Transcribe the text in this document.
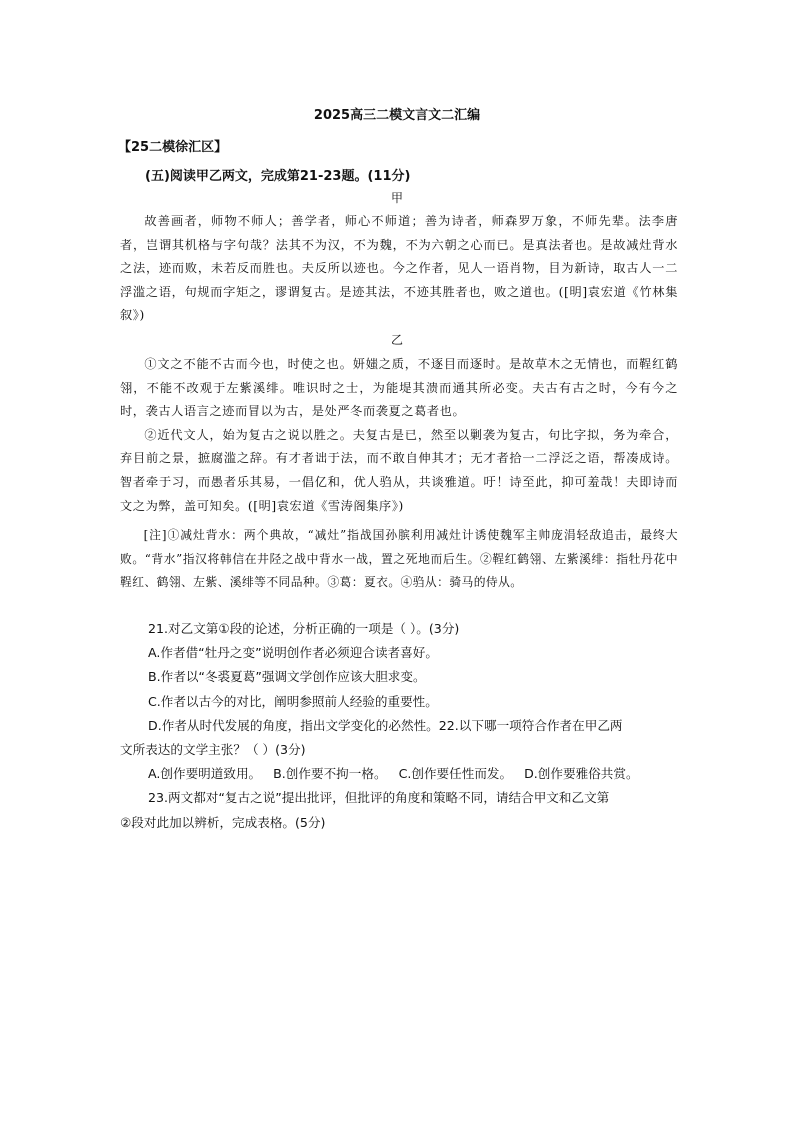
2025高三二模文言文二汇编
【25二模徐汇区】
(五)阅读甲乙两文，完成第21-23题。(11分)
甲

故善画者，师物不师人；善学者，师心不师道；善为诗者，师森罗万象，不师先辈。法李唐者，岂谓其机格与字句哉？法其不为汉，不为魏，不为六朝之心而已。是真法者也。是故减灶背水之法，迹而败，未若反而胜也。夫反所以迹也。今之作者，见人一语肖物，目为新诗，取古人一二浮滥之语，句规而字矩之，谬谓复古。是迹其法，不迹其胜者也，败之道也。([明]袁宏道《竹林集叙》)

乙

①文之不能不古而今也，时使之也。妍媸之质，不逐目而逐时。是故草木之无情也，而鞓红鹤翎，不能不改观于左紫溪绯。唯识时之士，为能堤其溃而通其所必变。夫古有古之时，今有今之时，袭古人语言之迹而冒以为古，是处严冬而袭夏之葛者也。

②近代文人，始为复古之说以胜之。夫复古是已，然至以剿袭为复古，句比字拟，务为牵合，弃目前之景，摭腐滥之辞。有才者诎于法，而不敢自伸其才；无才者拾一二浮泛之语，帮凑成诗。智者牵于习，而愚者乐其易，一倡亿和，优人驺从，共谈雅道。吁！诗至此，抑可羞哉！夫即诗而文之为弊，盖可知矣。([明]袁宏道《雪涛阁集序》)

[注]①减灶背水：两个典故，“减灶”指战国孙膑利用减灶计诱使魏军主帅庞涓轻敌追击，最终大败。“背水”指汉将韩信在井陉之战中背水一战，置之死地而后生。②鞓红鹤翎、左紫溪绯：指牡丹花中鞓红、鹤翎、左紫、溪绯等不同品种。③葛：夏衣。④驺从：骑马的侍从。

21.对乙文第①段的论述，分析正确的一项是（ ）。(3分)

A.作者借“牡丹之变”说明创作者必须迎合读者喜好。

B.作者以“冬裘夏葛”强调文学创作应该大胆求变。

C.作者以古今的对比，阐明参照前人经验的重要性。

D.作者从时代发展的角度，指出文学变化的必然性。22.以下哪一项符合作者在甲乙两

文所表达的文学主张？（ ）(3分)

A.创作要明道致用。 B.创作要不拘一格。 C.创作要任性而发。 D.创作要雅俗共赏。

23.两文都对“复古之说”提出批评，但批评的角度和策略不同，请结合甲文和乙文第

②段对此加以辨析，完成表格。(5分)
